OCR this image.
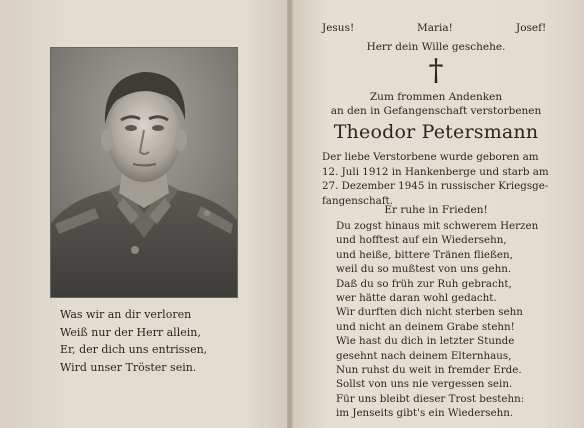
Was wir an dir verloren
Weiß nur der Herr allein,
Er, der dich uns entrissen,
Wird unser Tröster sein.
Jesus!	Maria!	Josef!
Herr dein Wille geschehe.
†
Zum frommen Andenken
an den in Gefangenschaft verstorbenen
Theodor Petersmann
Der liebe Verstorbene wurde geboren am
12. Juli 1912 in Hankenberge und starb am
27. Dezember 1945 in russischer Kriegsge-
fangenschaft.
Er ruhe in Frieden!
Du zogst hinaus mit schwerem Herzen
und hofftest auf ein Wiedersehn,
und heiße, bittere Tränen fließen,
weil du so mußtest von uns gehn.
Daß du so früh zur Ruh gebracht,
wer hätte daran wohl gedacht.
Wir durften dich nicht sterben sehn
und nicht an deinem Grabe stehn!
Wie hast du dich in letzter Stunde
gesehnt nach deinem Elternhaus,
Nun ruhst du weit in fremder Erde.
Sollst von uns nie vergessen sein.
Für uns bleibt dieser Trost bestehn:
im Jenseits gibt's ein Wiedersehn.
